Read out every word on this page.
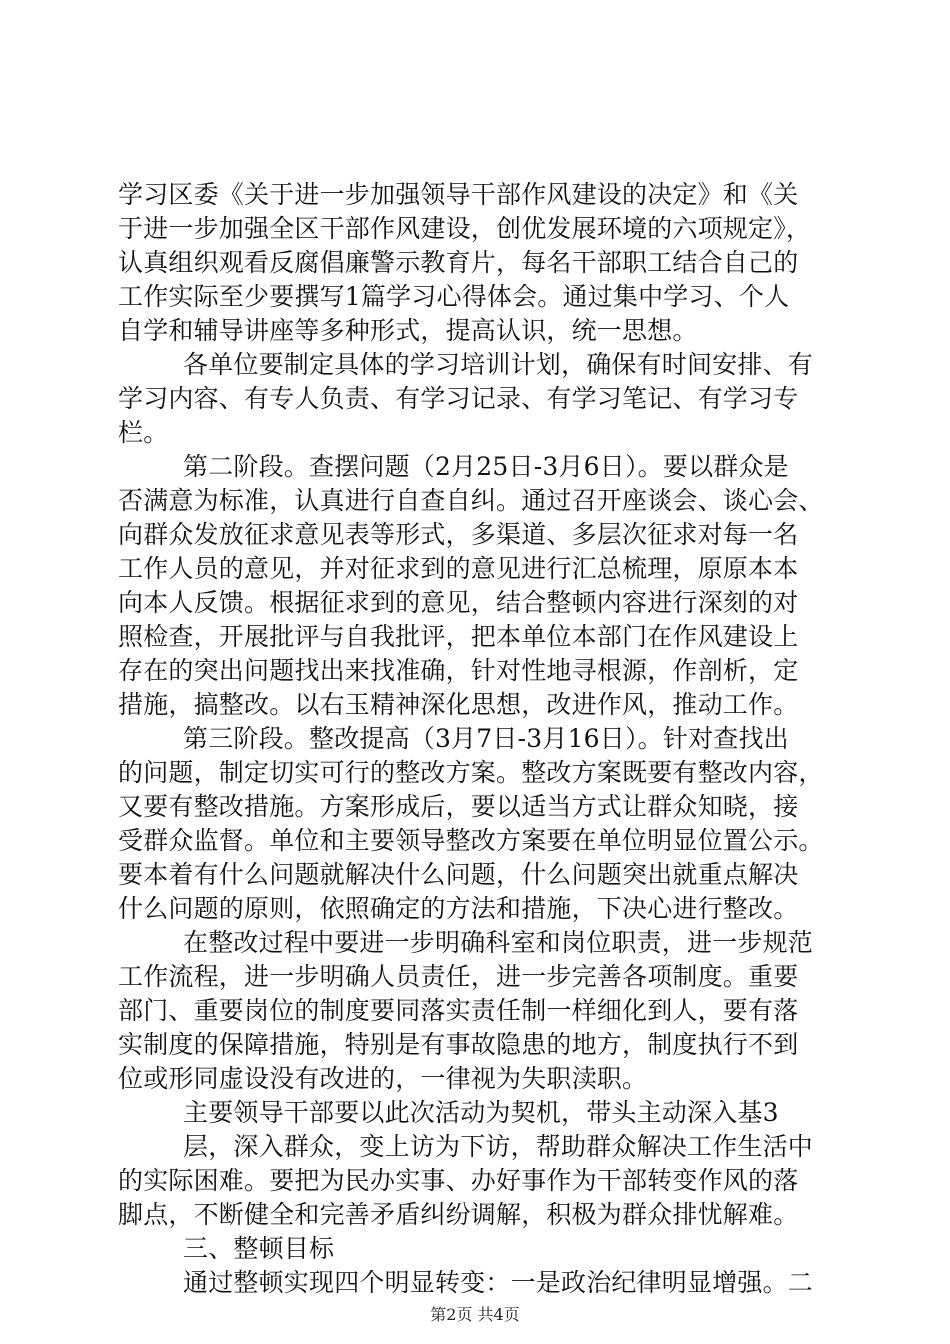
学习区委《关于进一步加强领导干部作风建设的决定》和《关
于进一步加强全区干部作风建设，创优发展环境的六项规定》，
认真组织观看反腐倡廉警示教育片，每名干部职工结合自己的
工作实际至少要撰写1篇学习心得体会。通过集中学习、个人
自学和辅导讲座等多种形式，提高认识，统一思想。
各单位要制定具体的学习培训计划，确保有时间安排、有
学习内容、有专人负责、有学习记录、有学习笔记、有学习专
栏。
第二阶段。查摆问题（2月25日-3月6日）。要以群众是
否满意为标准，认真进行自查自纠。通过召开座谈会、谈心会、
向群众发放征求意见表等形式，多渠道、多层次征求对每一名
工作人员的意见，并对征求到的意见进行汇总梳理，原原本本
向本人反馈。根据征求到的意见，结合整顿内容进行深刻的对
照检查，开展批评与自我批评，把本单位本部门在作风建设上
存在的突出问题找出来找准确，针对性地寻根源，作剖析，定
措施，搞整改。以右玉精神深化思想，改进作风，推动工作。
第三阶段。整改提高（3月7日-3月16日）。针对查找出
的问题，制定切实可行的整改方案。整改方案既要有整改内容，
又要有整改措施。方案形成后，要以适当方式让群众知晓，接
受群众监督。单位和主要领导整改方案要在单位明显位置公示。
要本着有什么问题就解决什么问题，什么问题突出就重点解决
什么问题的原则，依照确定的方法和措施，下决心进行整改。
在整改过程中要进一步明确科室和岗位职责，进一步规范
工作流程，进一步明确人员责任，进一步完善各项制度。重要
部门、重要岗位的制度要同落实责任制一样细化到人，要有落
实制度的保障措施，特别是有事故隐患的地方，制度执行不到
位或形同虚设没有改进的，一律视为失职渎职。
主要领导干部要以此次活动为契机，带头主动深入基3
层，深入群众，变上访为下访，帮助群众解决工作生活中
的实际困难。要把为民办实事、办好事作为干部转变作风的落
脚点，不断健全和完善矛盾纠纷调解，积极为群众排忧解难。
三、整顿目标
通过整顿实现四个明显转变：一是政治纪律明显增强。二
第2页 共4页
